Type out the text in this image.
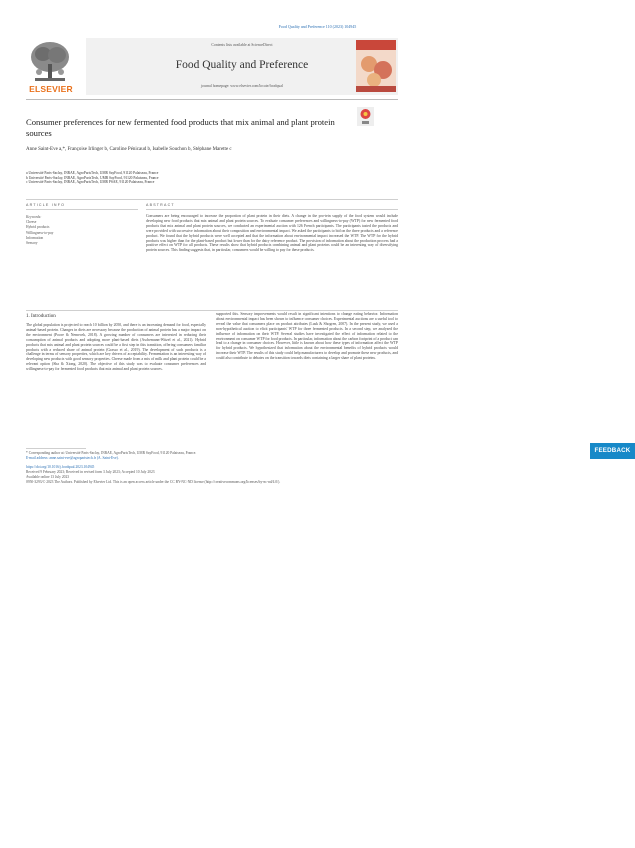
Food Quality and Preference 110 (2023) 104945
ELSEVIER
Contents lists available at ScienceDirect
Food Quality and Preference
journal homepage: www.elsevier.com/locate/foodqual
Consumer preferences for new fermented food products that mix animal and plant protein sources
Anne Saint-Eve a,*, Françoise Irlinger b, Caroline Pénicaud b, Isabelle Souchon b, Stéphane Marette c
a Université Paris-Saclay, INRAE, AgroParisTech, UMR SayFood, 91120 Palaiseau, France
b Université Paris-Saclay, INRAE, AgroParisTech, UMR SayFood, 91120 Palaiseau, France
c Université Paris-Saclay, INRAE, AgroParisTech, UMR PSAE, 91120 Palaiseau, France
ARTICLE INFO	ABSTRACT
Keywords:
Cheese
Hybrid products
Willingness-to-pay
Information
Sensory
Consumers are being encouraged to increase the proportion of plant protein in their diets. A change in the pro-tein supply of the food system would include developing new food products that mix animal and plant protein sources. To evaluate consumer preferences and willingness-to-pay (WTP) for new fermented food products that mix animal and plant protein sources, we conducted an experimental auction with 126 French participants. The participants tasted the products and were provided with successive information about their composition and environmental impact. We asked the participants to bid on the three products and a reference product. We found that the hybrid products were well accepted and that the information about environmental impact increased the WTP. The WTP for the hybrid products was higher than for the plant-based product but lower than for the dairy reference product. The provision of information about the production process had a positive effect on WTP for all products. These results show that hybrid products combining animal and plant proteins could be an interesting way of diversifying protein sources. This finding suggests that, in particular, consumers would be willing to pay for these products.
1. Introduction
The global population is projected to reach 10 billion by 2050, and there is an increasing demand for food, especially animal-based protein. Changes in diets are necessary because the production of animal protein has a major impact on the environment (Poore & Nemecek, 2018). A growing number of consumers are interested in reducing their consumption of animal products and adopting more plant-based diets (Aschemann-Witzel et al., 2021). Hybrid products that mix animal and plant protein sources could be a first step in this transition, offering consumers familiar products with a reduced share of animal protein (Grasso et al., 2019). The development of such products is a challenge in terms of sensory properties, which are key drivers of acceptability. Fermentation is an interesting way of developing new products with good sensory properties. Cheese made from a mix of milk and plant protein could be a relevant option (Sha & Xiong, 2020). The objective of this study was to evaluate consumer preferences and willingness-to-pay for fermented food products that mix animal and plant protein sources.
supported this. Sensory improvements would result in significant intentions to change eating behavior. Information about environmental impact has been shown to influence consumer choices. Experimental auctions are a useful tool to reveal the value that consumers place on product attributes (Lusk & Shogren, 2007). In the present study, we used a non-hypothetical auction to elicit participants' WTP for three fermented products. In a second step, we analyzed the influence of information on their WTP. Several studies have investigated the effect of information related to the environment on consumer WTP for food products. In particular, information about the carbon footprint of a product can lead to a change in consumer choices. However, little is known about how these types of information affect the WTP for hybrid products. We hypothesized that information about the environmental benefits of hybrid products would increase their WTP. The results of this study could help manufacturers to develop and promote these new products, and could also contribute to debates on the transition towards diets containing a larger share of plant proteins.
* Corresponding author at: Université Paris-Saclay, INRAE, AgroParisTech, UMR SayFood, 91120 Palaiseau, France.
E-mail address: anne.saint-eve@agroparistech.fr (A. Saint-Eve).
https://doi.org/10.1016/j.foodqual.2023.104945
Received 9 February 2023; Received in revised form 3 July 2023; Accepted 10 July 2023
Available online 13 July 2023
0950-3293/© 2023 The Authors. Published by Elsevier Ltd. This is an open access article under the CC BY-NC-ND license (http://creativecommons.org/licenses/by-nc-nd/4.0/).
FEEDBACK
